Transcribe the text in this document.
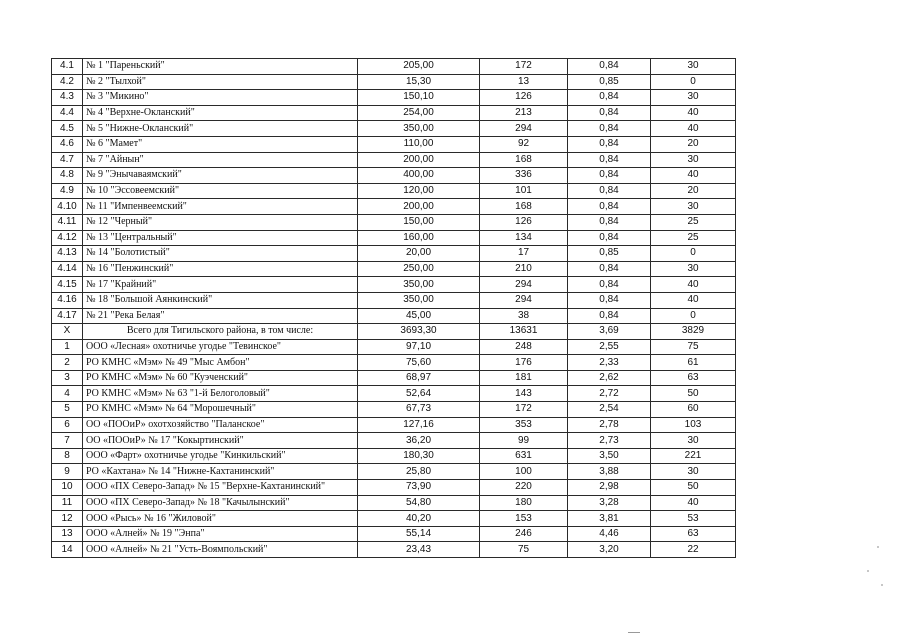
4.1	№ 1 "Пареньский"	205,00	172	0,84	30
4.2	№ 2 "Тылхой"	15,30	13	0,85	0
4.3	№ 3 "Микино"	150,10	126	0,84	30
4.4	№ 4 "Верхне-Окланский"	254,00	213	0,84	40
4.5	№ 5 "Нижне-Окланский"	350,00	294	0,84	40
4.6	№ 6 "Мамет"	110,00	92	0,84	20
4.7	№ 7 "Айнын"	200,00	168	0,84	30
4.8	№ 9 "Энычаваямский"	400,00	336	0,84	40
4.9	№ 10 "Эссовеемский"	120,00	101	0,84	20
4.10	№ 11 "Импенвеемский"	200,00	168	0,84	30
4.11	№ 12 "Черный"	150,00	126	0,84	25
4.12	№ 13 "Центральный"	160,00	134	0,84	25
4.13	№ 14 "Болотистый"	20,00	17	0,85	0
4.14	№ 16 "Пенжинский"	250,00	210	0,84	30
4.15	№ 17 "Крайний"	350,00	294	0,84	40
4.16	№ 18 "Большой Аянкинский"	350,00	294	0,84	40
4.17	№ 21 "Река Белая"	45,00	38	0,84	0
X	Всего для Тигильского района, в том числе:	3693,30	13631	3,69	3829
1	ООО «Лесная» охотничье угодье "Тевинское"	97,10	248	2,55	75
2	РО КМНС «Мэм» № 49 "Мыс Амбон"	75,60	176	2,33	61
3	РО КМНС «Мэм» № 60 "Куэченский"	68,97	181	2,62	63
4	РО КМНС «Мэм» № 63 "1-й Белоголовый"	52,64	143	2,72	50
5	РО КМНС «Мэм» № 64 "Морошечный"	67,73	172	2,54	60
6	ОО «ПООиР» охотхозяйство "Паланское"	127,16	353	2,78	103
7	ОО «ПООиР» № 17 "Кокыртинский"	36,20	99	2,73	30
8	ООО «Фарт» охотничье угодье "Кинкильский"	180,30	631	3,50	221
9	РО «Кахтана» № 14 "Нижне-Кахтанинский"	25,80	100	3,88	30
10	ООО «ПХ Северо-Запад» № 15 "Верхне-Кахтанинский"	73,90	220	2,98	50
11	ООО «ПХ Северо-Запад» № 18 "Качылынский"	54,80	180	3,28	40
12	ООО «Рысь» № 16 "Жиловой"	40,20	153	3,81	53
13	ООО «Алней» № 19 "Энпа"	55,14	246	4,46	63
14	ООО «Алней» № 21 "Усть-Воямпольский"	23,43	75	3,20	22
